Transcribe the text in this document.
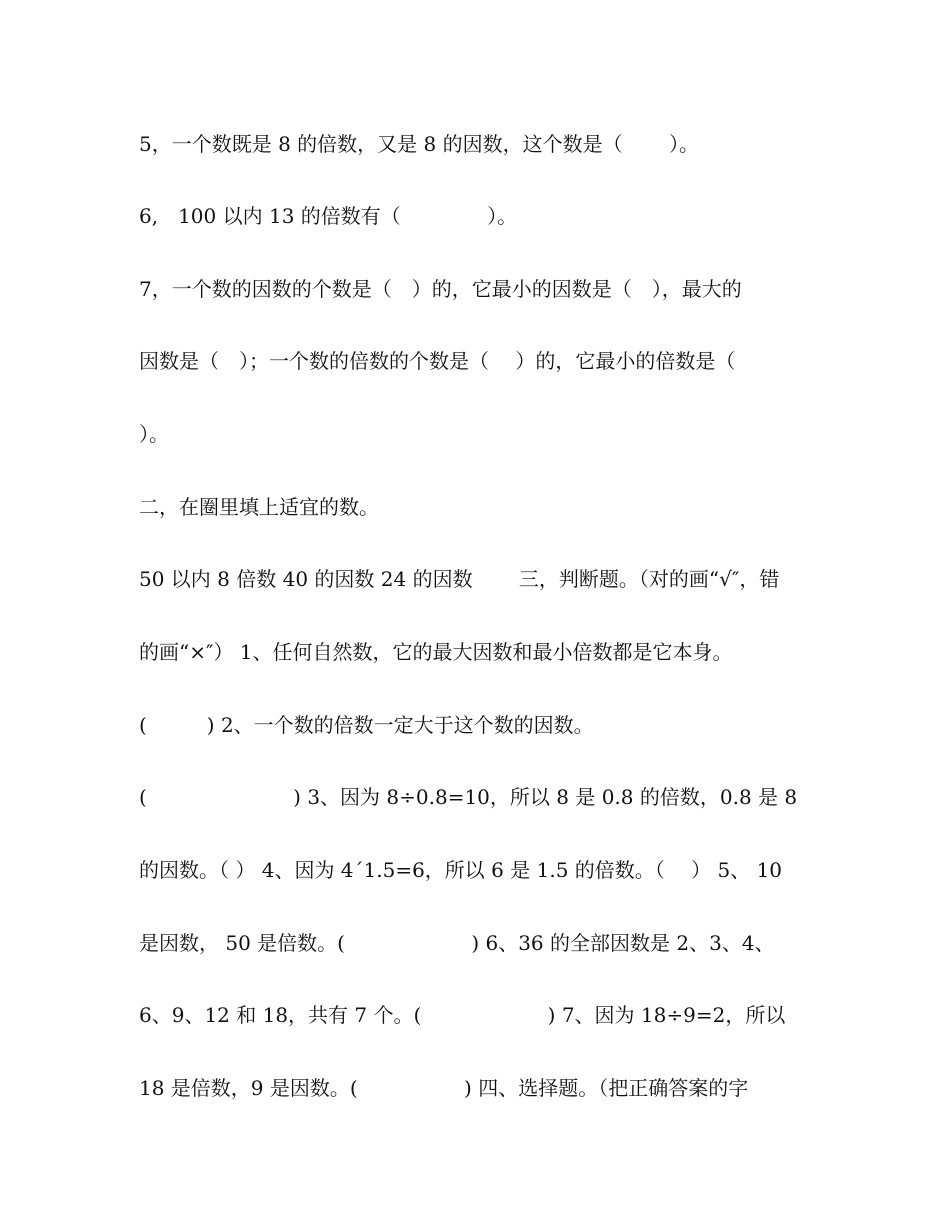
5，一个数既是 8 的倍数，又是 8 的因数，这个数是（　　 ）。
6,　100 以内 13 的倍数有（　　　　 ）。
7，一个数的因数的个数是（　）的，它最小的因数是（　），最大的
因数是（　）；一个数的倍数的个数是（　 ）的，它最小的倍数是（
）。
二，在圈里填上适宜的数。
50 以内 8 倍数 40 的因数 24 的因数　　 三，判断题。（对的画“√″，错
的画“×″） 1、任何自然数，它的最大因数和最小倍数都是它本身。
(　　　) 2、一个数的倍数一定大于这个数的因数。
(　　　　　　　 ) 3、因为 8÷0.8=10，所以 8 是 0.8 的倍数，0.8 是 8
的因数。（ ） 4、因为 4´1.5=6，所以 6 是 1.5 的倍数。（　 ） 5、 10
是因数， 50 是倍数。(　　　　　　 ) 6、36 的全部因数是 2、3、4、
6、9、12 和 18，共有 7 个。(　　　　　　 ) 7、因为 18÷9=2，所以
18 是倍数，9 是因数。(　　　　　 ) 四、选择题。（把正确答案的字
